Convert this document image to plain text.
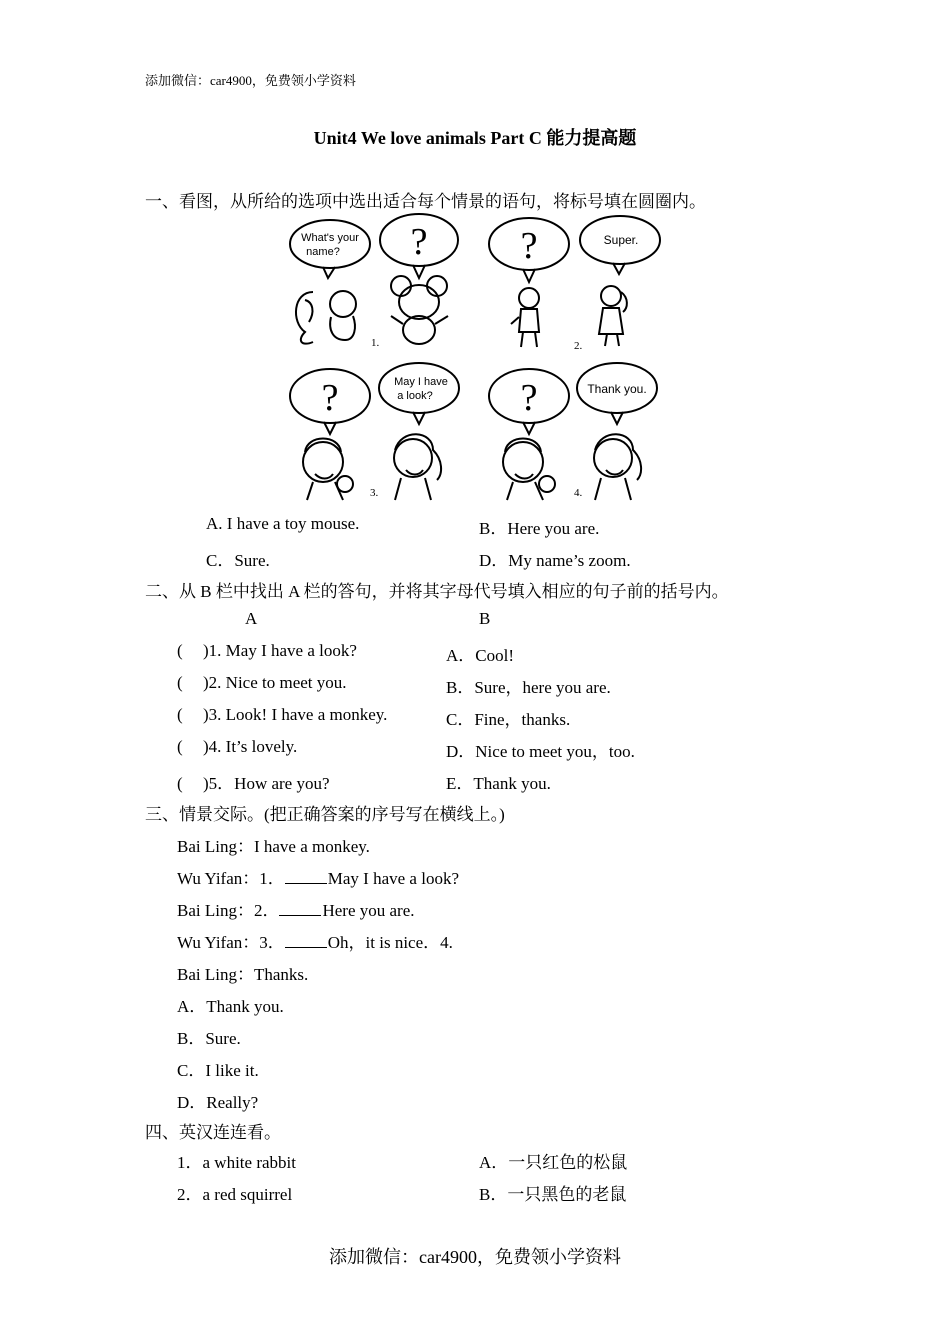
添加微信：car4900，免费领小学资料
Unit4 We love animals Part C 能力提高题
一、看图，从所给的选项中选出适合每个情景的语句，将标号填在圆圈内。
What's your
name? ? ?	Super.
?	May I have
a look? ?	Thank you.
1.	2.
3.	4.
A. I have a toy mouse.	B．Here you are.
C．Sure.	D．My name’s zoom.
二、从 B 栏中找出 A 栏的答句，并将其字母代号填入相应的句子前的括号内。
A	B
( )1. May I have a look?	A．Cool!
( )2. Nice to meet you.	B．Sure，here you are.
( )3. Look! I have a monkey.	C．Fine，thanks.
( )4. It’s lovely.	D．Nice to meet you，too.
( )5．How are you?	E．Thank you.
三、情景交际。(把正确答案的序号写在横线上。)
Bai Ling：I have a monkey.
Wu Yifan：1．	May I have a look?
Bai Ling：2．	Here you are.
Wu Yifan：3．	Oh，it is nice．4.
Bai Ling：Thanks.
A．Thank you.
B．Sure.
C．I like it.
D．Really?
四、英汉连连看。
1．a white rabbit	A．一只红色的松鼠
2．a red squirrel	B．一只黑色的老鼠
添加微信：car4900，免费领小学资料
